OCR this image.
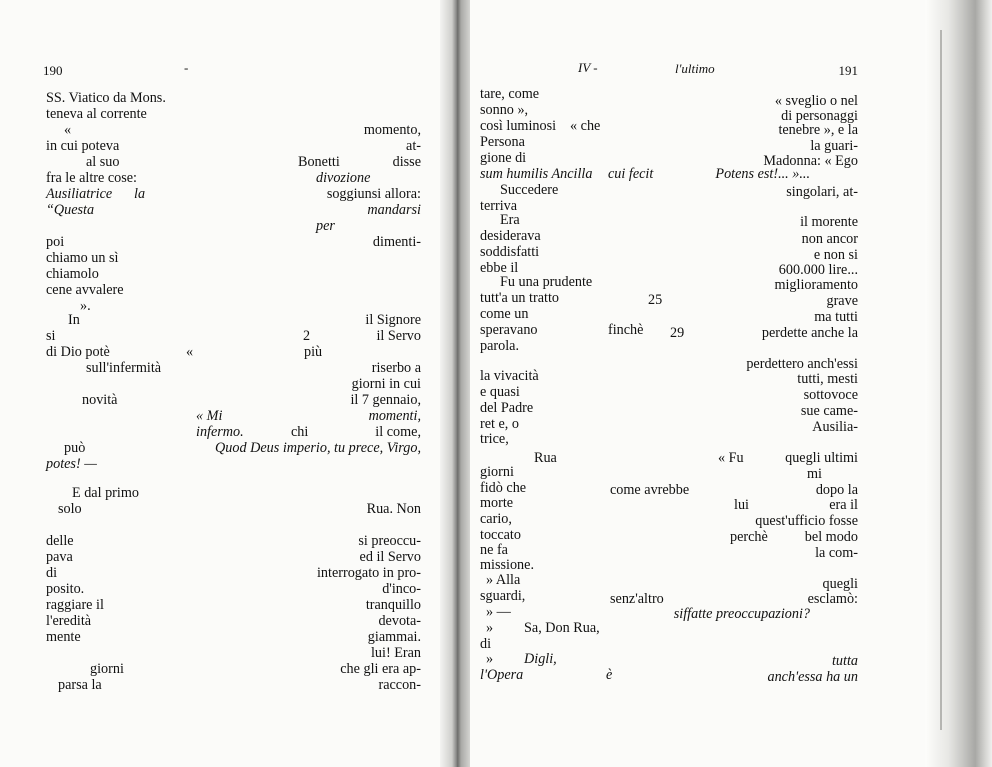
190	-
SS. Viatico da Mons.
teneva al corrente
«	momento,
in cui poteva	at-
al suo	Bonetti	disse
fra le altre cose:	divozione
Ausiliatrice la	soggiunsi allora:
“Questa	mandarsi
per
poi	dimenti-
chiamo un sì
chiamolo
cene avvalere
».
In	il Signore
si	2	il Servo
di Dio potè	«	più
sull'infermità	riserbo a
giorni in cui
novità	il 7 gennaio,
« Mi	momenti,
infermo.	chi	il come,
può	Quod Deus imperio, tu prece, Virgo,
potes! —
E dal primo
solo	Rua. Non
delle	si preoccu-
pava	ed il Servo
di	interrogato in pro-
posito.	d'inco-
raggiare il	tranquillo
l'eredità	devota-
mente	giammai.
lui! Eran
giorni	che gli era ap-
parsa la	raccon-
IV -	l'ultimo	191
tare, come	« sveglio o nel
sonno »,	di personaggi
così luminosi « che	tenebre », e la
Persona	la guari-
gione di	Madonna: « Ego
sum humilis Ancilla cui fecit	Potens est!... »...
Succedere	singolari, at-
terriva
Era	il morente
desiderava	non ancor
soddisfatti	e non si
ebbe il	600.000 lire...
Fu una prudente	miglioramento
tutt'a un tratto	25	grave
come un	ma tutti
speravano	finchè 29	perdette anche la
parola.
perdettero anch'essi
la vivacità	tutti, mesti
e quasi	sottovoce
del Padre	sue came-
ret e, o	Ausilia-
trice,
Rua	« Fu	quegli ultimi
giorni	mi
fidò che	come avrebbe	dopo la
morte	lui	era il
cario,	quest'ufficio fosse
toccato	perchè	bel modo
ne fa	la com-
missione.
» Alla	quegli
sguardi,	senz'altro	esclamò:
» —	siffatte preoccupazioni?
» Sa, Don Rua,
di
» Digli,	tutta
l'Opera	è	anch'essa ha un
